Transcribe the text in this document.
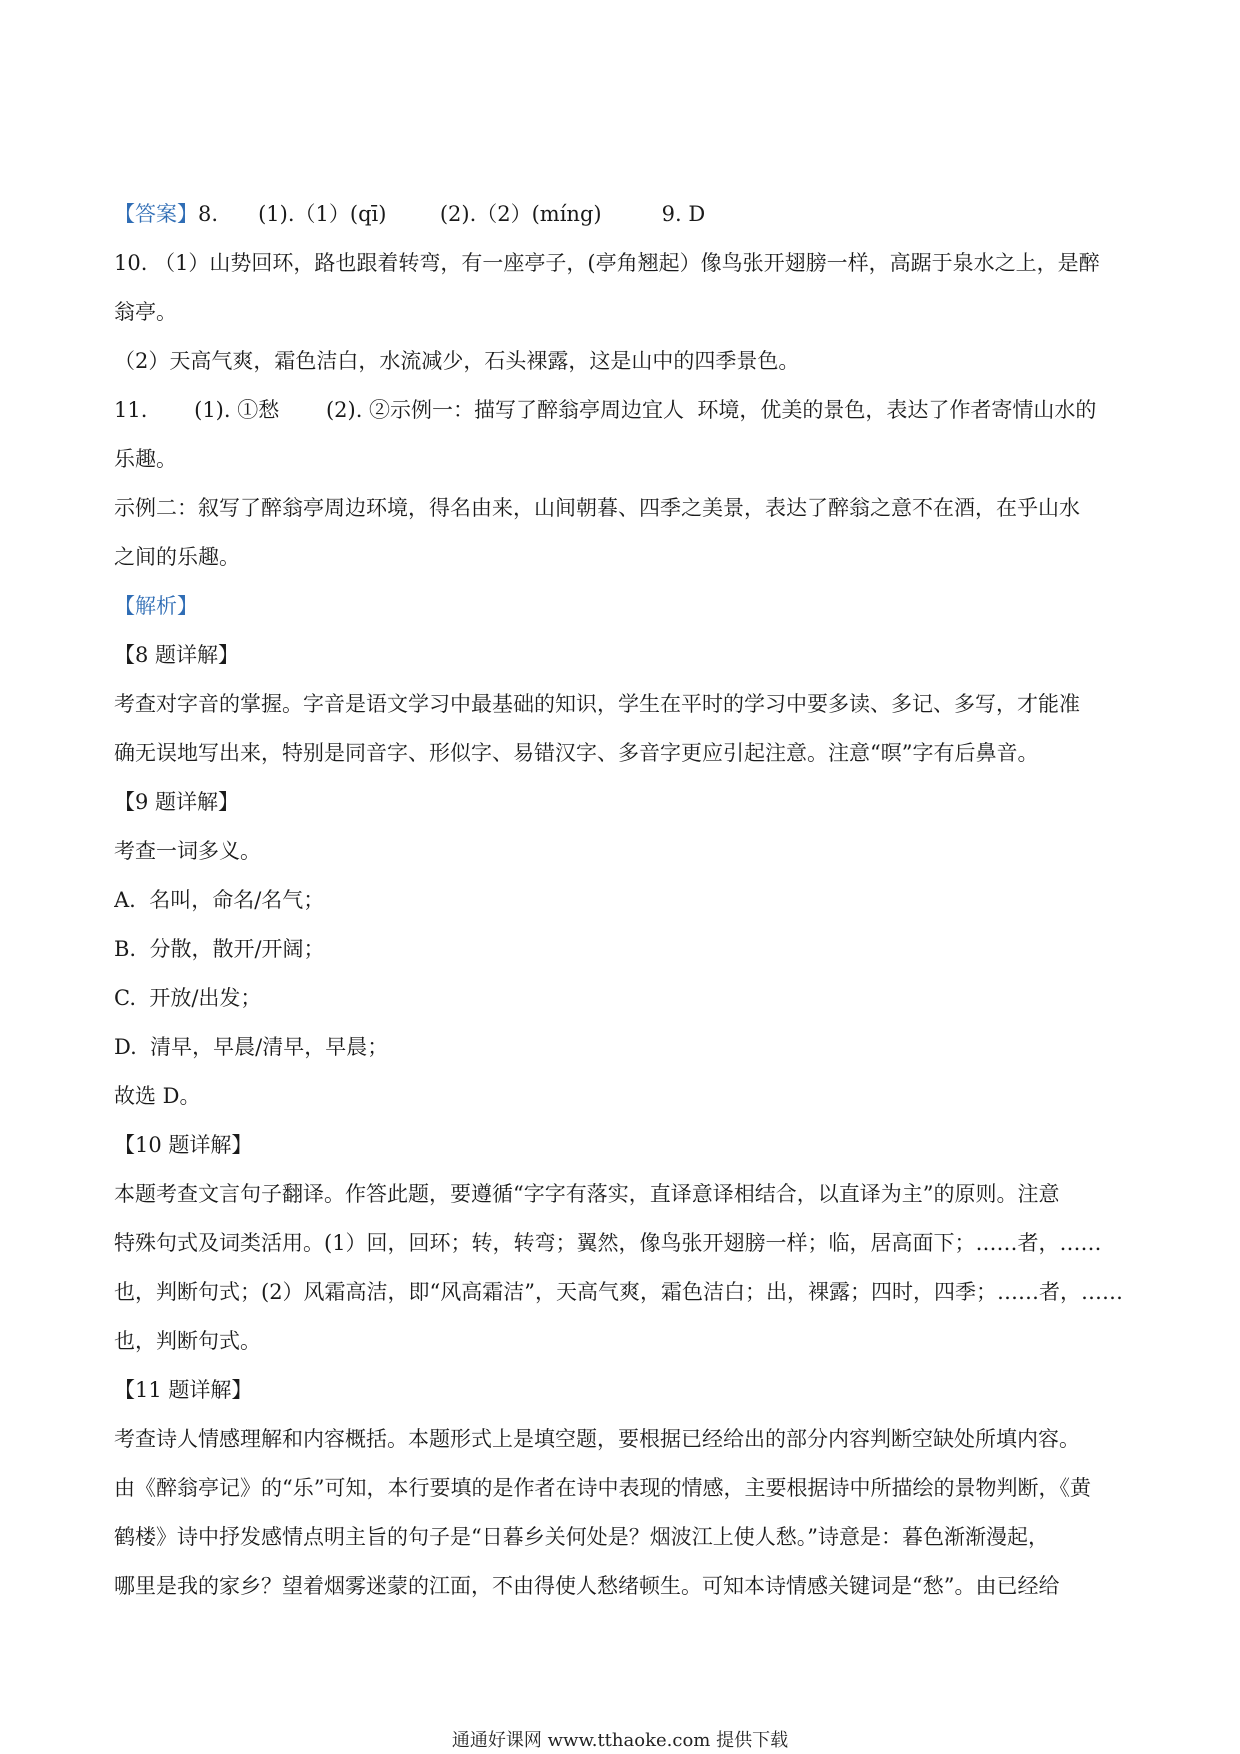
【答案】8.      (1).（1）(qī)        (2).（2）(míng)         9. D
10. （1）山势回环，路也跟着转弯，有一座亭子，(亭角翘起）像鸟张开翅膀一样，高踞于泉水之上，是醉
翁亭。
（2）天高气爽，霜色洁白，水流减少，石头裸露，这是山中的四季景色。
11.       (1). ①愁       (2). ②示例一：描写了醉翁亭周边宜人  环境，优美的景色，表达了作者寄情山水的
乐趣。
示例二：叙写了醉翁亭周边环境，得名由来，山间朝暮、四季之美景，表达了醉翁之意不在酒，在乎山水
之间的乐趣。
【解析】
【8 题详解】
考查对字音的掌握。字音是语文学习中最基础的知识，学生在平时的学习中要多读、多记、多写，才能准
确无误地写出来，特别是同音字、形似字、易错汉字、多音字更应引起注意。注意“暝”字有后鼻音。
【9 题详解】
考查一词多义。
A.  名叫，命名/名气；
B.  分散，散开/开阔；
C.  开放/出发；
D.  清早，早晨/清早，早晨；
故选 D。
【10 题详解】
本题考查文言句子翻译。作答此题，要遵循“字字有落实，直译意译相结合，以直译为主”的原则。注意
特殊句式及词类活用。(1）回，回环；转，转弯；翼然，像鸟张开翅膀一样；临，居高面下；……者，……
也，判断句式；(2）风霜高洁，即“风高霜洁”，天高气爽，霜色洁白；出，裸露；四时，四季；……者，……
也，判断句式。
【11 题详解】
考查诗人情感理解和内容概括。本题形式上是填空题，要根据已经给出的部分内容判断空缺处所填内容。
由《醉翁亭记》的“乐”可知，本行要填的是作者在诗中表现的情感，主要根据诗中所描绘的景物判断，《黄
鹤楼》诗中抒发感情点明主旨的句子是“日暮乡关何处是？烟波江上使人愁。”诗意是：暮色渐渐漫起，
哪里是我的家乡？望着烟雾迷蒙的江面，不由得使人愁绪顿生。可知本诗情感关键词是“愁”。由已经给
通通好课网 www.tthaoke.com 提供下载
